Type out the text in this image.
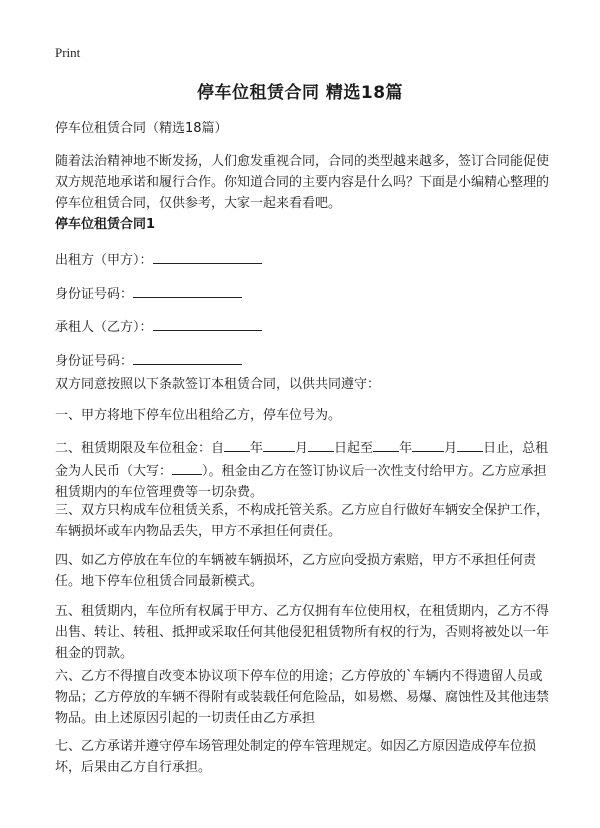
Print
停车位租赁合同 精选18篇
停车位租赁合同（精选18篇）
随着法治精神地不断发扬，人们愈发重视合同，合同的类型越来越多，签订合同能促使双方规范地承诺和履行合作。你知道合同的主要内容是什么吗？下面是小编精心整理的停车位租赁合同，仅供参考，大家一起来看看吧。
停车位租赁合同1
出租方（甲方）：
身份证号码：
承租人（乙方）：
身份证号码：
双方同意按照以下条款签订本租赁合同，以供共同遵守：
一、甲方将地下停车位出租给乙方，停车位号为。
二、租赁期限及车位租金：自 年 月 日起至 年 月 日止，总租金为人民币（大写： ）。租金由乙方在签订协议后一次性支付给甲方。乙方应承担租赁期内的车位管理费等一切杂费。
三、双方只构成车位租赁关系，不构成托管关系。乙方应自行做好车辆安全保护工作，车辆损坏或车内物品丢失，甲方不承担任何责任。
四、如乙方停放在车位的车辆被车辆损坏，乙方应向受损方索赔，甲方不承担任何责任。地下停车位租赁合同最新模式。
五、租赁期内，车位所有权属于甲方、乙方仅拥有车位使用权，在租赁期内，乙方不得出售、转让、转租、抵押或采取任何其他侵犯租赁物所有权的行为，否则将被处以一年租金的罚款。
六、乙方不得擅自改变本协议项下停车位的用途；乙方停放的`车辆内不得遗留人员或物品；乙方停放的车辆不得附有或装载任何危险品，如易燃、易爆、腐蚀性及其他违禁物品。由上述原因引起的一切责任由乙方承担
七、乙方承诺并遵守停车场管理处制定的停车管理规定。如因乙方原因造成停车位损坏，后果由乙方自行承担。
